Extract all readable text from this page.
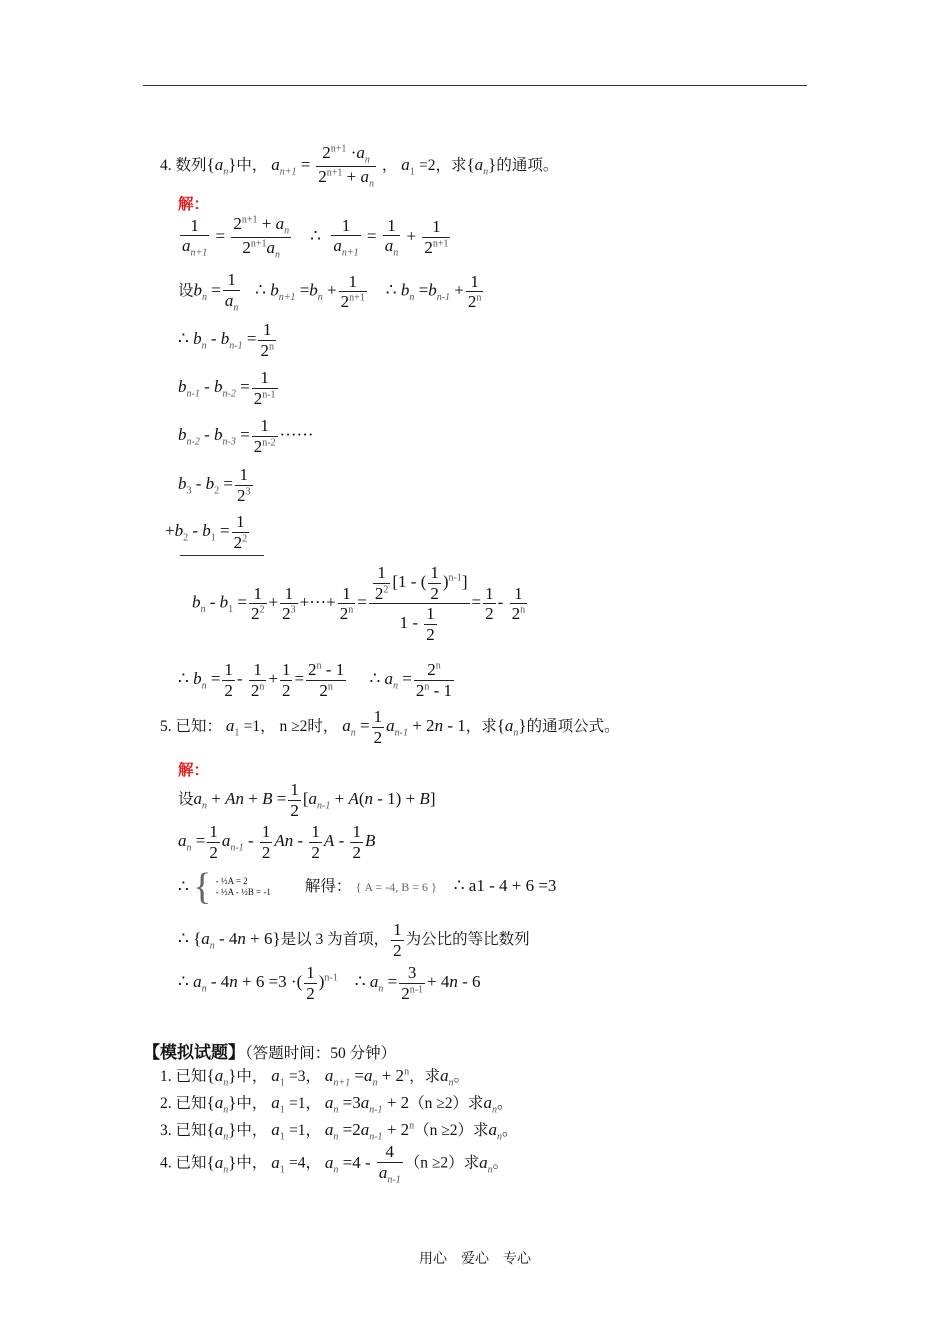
4. 数列$\{a_n\}$中， $a_{n+1} = \frac{2^{n+1} \cdot a_n}{2^{n+1} + a_n}$ ， $a_1 =2$，求$\{a_n\}$的通项。
解：
$\frac{1}{a_{n+1}} = \frac{2^{n+1} + a_n}{2^{n+1}a_n}$ ∴ $\frac{1}{a_{n+1}} = \frac{1}{a_n} + \frac{1}{2^{n+1}}$
设$b_n = \frac{1}{a_n}$ ∴ $b_{n+1} =b_n + \frac{1}{2^{n+1}}$ ∴ $b_n =b_{n-1} + \frac{1}{2^n}$
∴ $b_n - b_{n-1} = \frac{1}{2^n}$
$b_{n-1} - b_{n-2} = \frac{1}{2^{n-1}}$
$b_{n-2} - b_{n-3} = \frac{1}{2^{n-2}}$ ······
$b_3 - b_2 = \frac{1}{2^3}$
$+b_2 - b_1 = \frac{1}{2^2}$
$b_n - b_1 = \frac{1}{2^2} + \frac{1}{2^3}$ +···+ $\frac{1}{2^n} = \frac{\frac{1}{2^2} [1 - ( \frac{1}{2} )^{n-1}]}{1 - \frac{1}{2}} = \frac{1}{2} - \frac{1}{2^n}$
∴ $b_n = \frac{1}{2} - \frac{1}{2^n} + \frac{1}{2} = \frac{2^n - 1}{2^n}$ ∴ $a_n = \frac{2^n}{2^n - 1}$
5. 已知： $a_1 =1$， n ≥2时， $a_n = \frac{1}{2} a_{n-1} + 2n - 1$，求$\{a_n\}$的通项公式。
解：
设$a_n + An + B = \frac{1}{2} [a_{n-1} + A(n - 1) + B]$
$a_n = \frac{1}{2} a_{n-1} - \frac{1}{2}$ An - $\frac{1}{2}$ A - $\frac{1}{2}$ B
∴ { - ½A = 2
- ½A - ½B = -1 解得： { A = -4, B = 6 } ∴ a1 - 4 + 6 =3
∴ $\{a_n - 4n + 6\}$是以 3 为首项， $\frac{1}{2}$ 为公比的等比数列
∴ $a_n - 4n + 6 =3$ ·( $\frac{1}{2} )^{n-1}$    ∴ $a_n = \frac{3}{2^{n-1}} + 4n - 6$
【模拟试题】（答题时间：50 分钟）
1. 已知$\{a_n\}$中， $a_1 =3$， $a_{n+1} =a_n + 2^n$，求$a_n$。
2. 已知$\{a_n\}$中， $a_1 =1$， $a_n =3a_{n-1} + 2(n \ge 2)$求$a_n$。
3. 已知$\{a_n\}$中， $a_1 =1$， $a_n =2a_{n-1} + 2^n(n \ge 2)$求$a_n$。
4. 已知$\{a_n\}$中， $a_1 =4$， $a_n =4 - \frac{4}{a_{n-1}} (n \ge 2)$求$a_n$。
用心　爱心　专心
